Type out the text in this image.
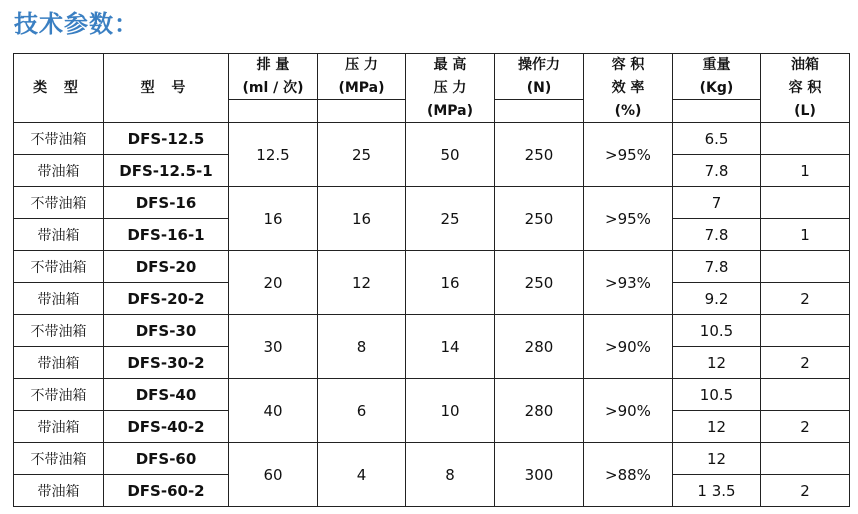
技术参数：
类 型	型 号	排 量	压 力	最 高	操作力	容 积	重量	油箱
		(ml / 次)	(MPa)	压 力	(N)	效 率	(Kg)	容 积
				(MPa)		(%)		(L)
不带油箱	DFS-12.5	12.5	25	50	250	>95%	6.5	
带油箱	DFS-12.5-1						7.8	1
不带油箱	DFS-16	16	16	25	250	>95%	7	
带油箱	DFS-16-1						7.8	1
不带油箱	DFS-20	20	12	16	250	>93%	7.8	
带油箱	DFS-20-2						9.2	2
不带油箱	DFS-30	30	8	14	280	>90%	10.5	
带油箱	DFS-30-2						12	2
不带油箱	DFS-40	40	6	10	280	>90%	10.5	
带油箱	DFS-40-2						12	2
不带油箱	DFS-60	60	4	8	300	>88%	12	
带油箱	DFS-60-2						1 3.5	2
